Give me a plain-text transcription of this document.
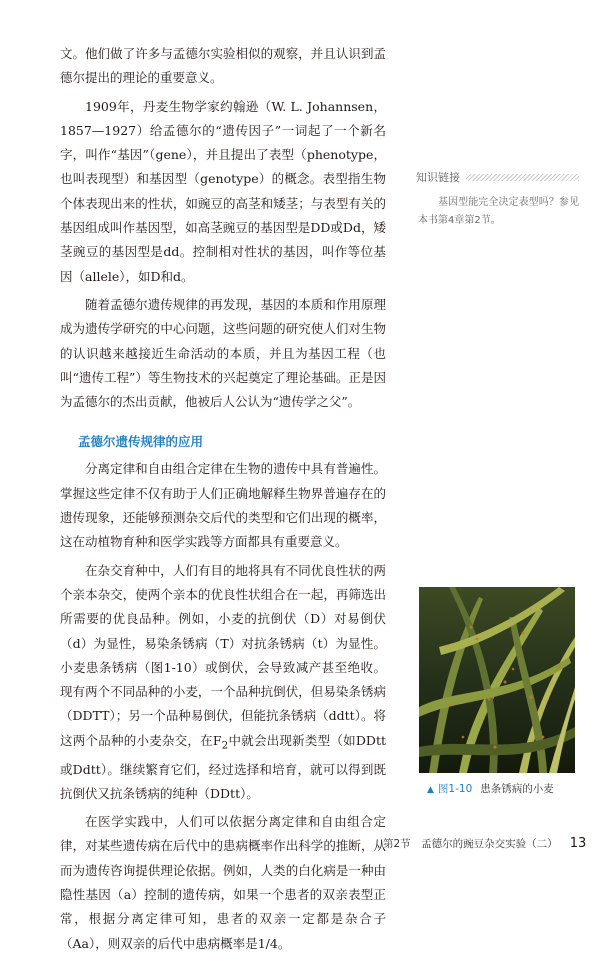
文。他们做了许多与孟德尔实验相似的观察，并且认识到孟德尔提出的理论的重要意义。

1909年，丹麦生物学家约翰逊（W. L. Johannsen，1857—1927）给孟德尔的“遗传因子”一词起了一个新名字，叫作“基因”（gene），并且提出了表型（phenotype，也叫表现型）和基因型（genotype）的概念。表型指生物个体表现出来的性状，如豌豆的高茎和矮茎；与表型有关的基因组成叫作基因型，如高茎豌豆的基因型是DD或Dd，矮茎豌豆的基因型是dd。控制相对性状的基因，叫作等位基因（allele），如D和d。

随着孟德尔遗传规律的再发现，基因的本质和作用原理成为遗传学研究的中心问题，这些问题的研究使人们对生物的认识越来越接近生命活动的本质，并且为基因工程（也叫“遗传工程”）等生物技术的兴起奠定了理论基础。正是因为孟德尔的杰出贡献，他被后人公认为“遗传学之父”。

孟德尔遗传规律的应用

分离定律和自由组合定律在生物的遗传中具有普遍性。掌握这些定律不仅有助于人们正确地解释生物界普遍存在的遗传现象，还能够预测杂交后代的类型和它们出现的概率，这在动植物育种和医学实践等方面都具有重要意义。

在杂交育种中，人们有目的地将具有不同优良性状的两个亲本杂交，使两个亲本的优良性状组合在一起，再筛选出所需要的优良品种。例如，小麦的抗倒伏（D）对易倒伏（d）为显性，易染条锈病（T）对抗条锈病（t）为显性。小麦患条锈病（图1-10）或倒伏，会导致减产甚至绝收。现有两个不同品种的小麦，一个品种抗倒伏，但易染条锈病（DDTT）；另一个品种易倒伏，但能抗条锈病（ddtt）。将这两个品种的小麦杂交，在$F_2$中就会出现新类型（如DDtt或Ddtt）。继续繁育它们，经过选择和培育，就可以得到既抗倒伏又抗条锈病的纯种（DDtt）。

在医学实践中，人们可以依据分离定律和自由组合定律，对某些遗传病在后代中的患病概率作出科学的推断，从而为遗传咨询提供理论依据。例如，人类的白化病是一种由隐性基因（a）控制的遗传病，如果一个患者的双亲表型正常，根据分离定律可知，患者的双亲一定都是杂合子（Aa），则双亲的后代中患病概率是1/4。

知识链接
基因型能完全决定表型吗？参见本书第4章第2节。
▲ 图1-10 患条锈病的小麦
第2节　孟德尔的豌豆杂交实验（二） 13
